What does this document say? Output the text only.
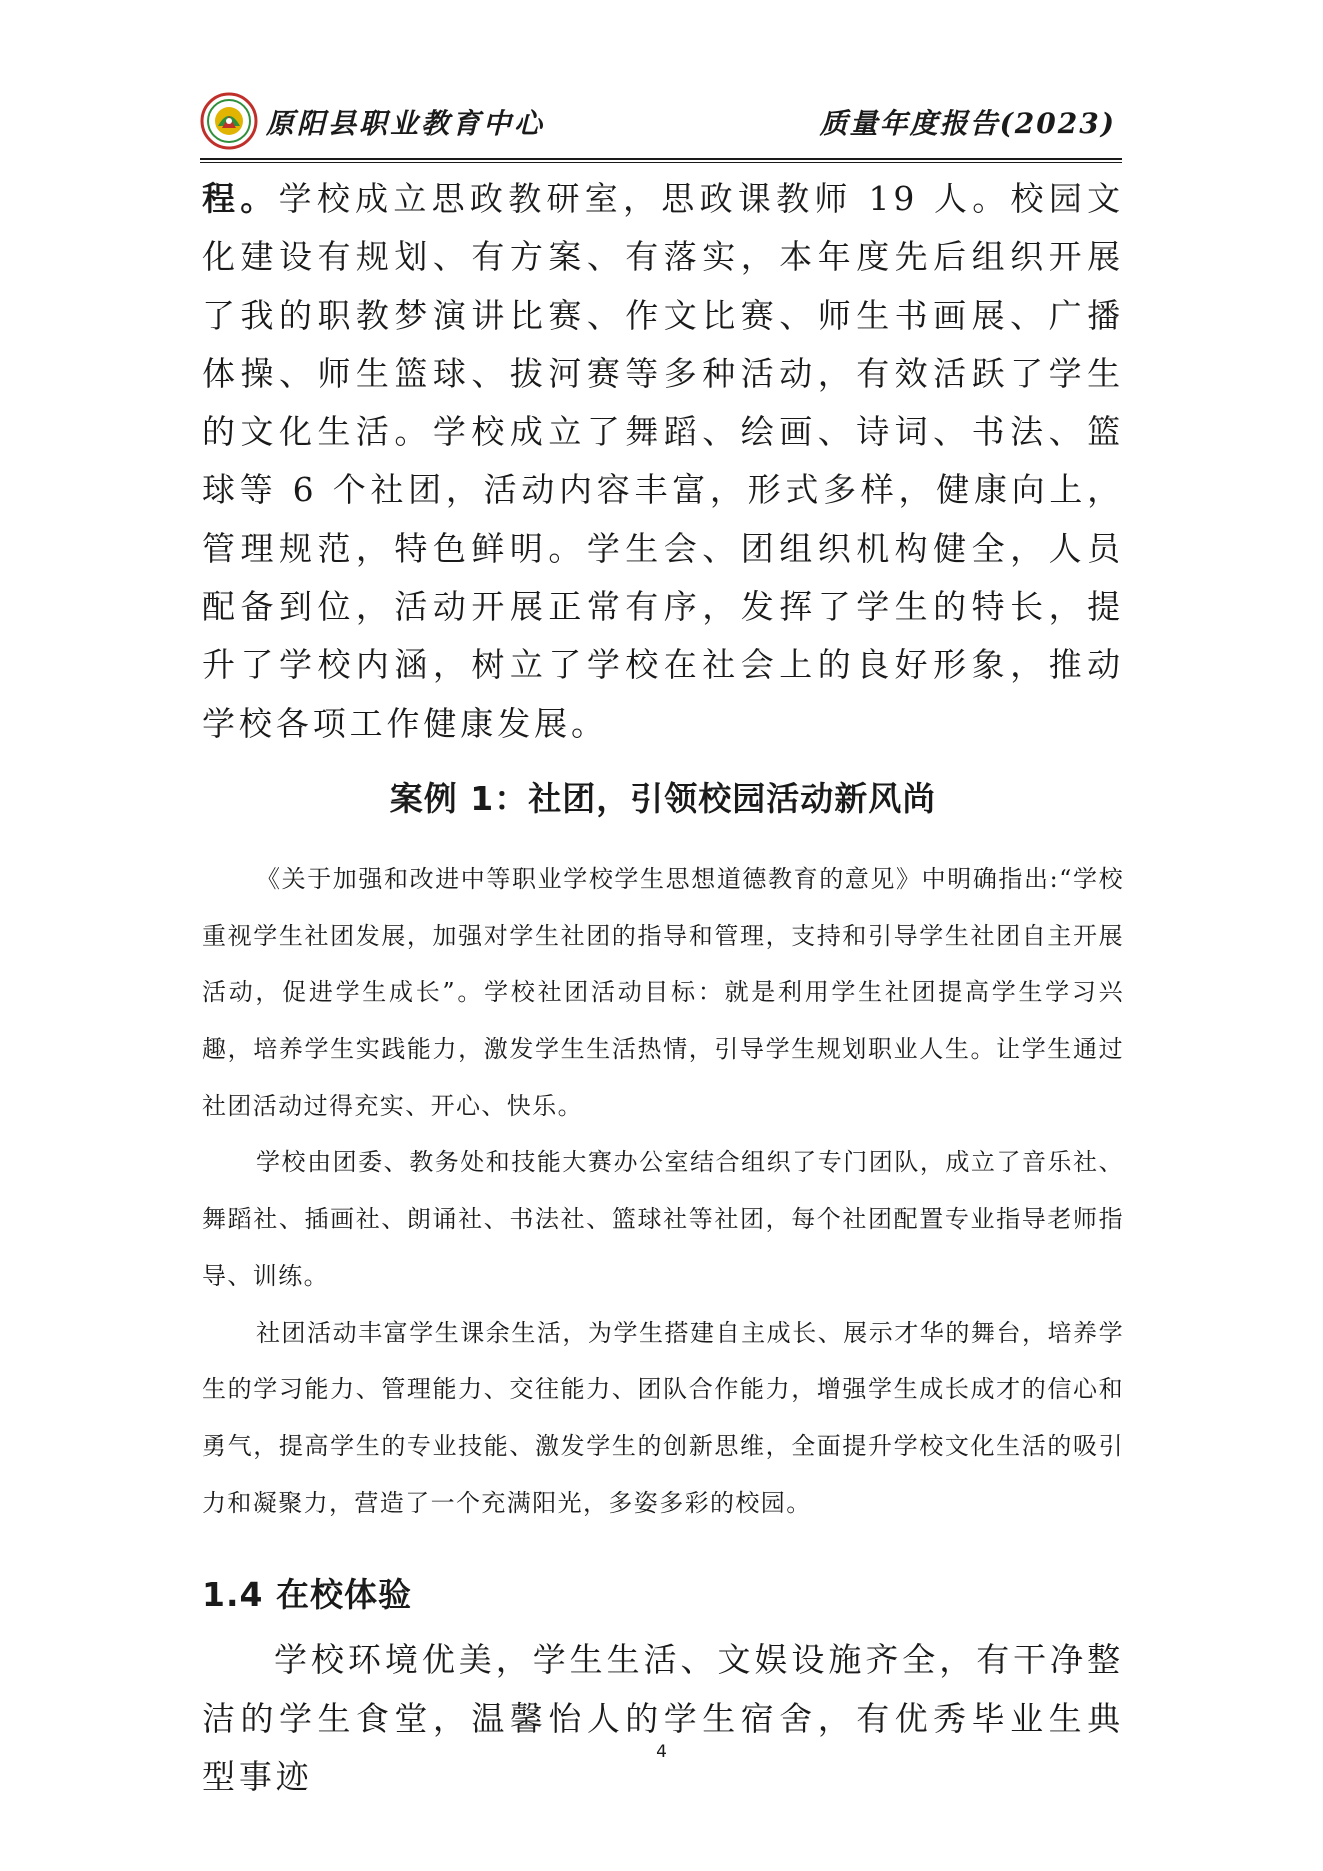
原阳县职业教育中心	质量年度报告(2023)

程。学校成立思政教研室，思政课教师 19 人。校园文化建设有规划、有方案、有落实，本年度先后组织开展了我的职教梦演讲比赛、作文比赛、师生书画展、广播体操、师生篮球、拔河赛等多种活动，有效活跃了学生的文化生活。学校成立了舞蹈、绘画、诗词、书法、篮球等 6 个社团，活动内容丰富，形式多样，健康向上，管理规范，特色鲜明。学生会、团组织机构健全，人员配备到位，活动开展正常有序，发挥了学生的特长，提升了学校内涵，树立了学校在社会上的良好形象，推动学校各项工作健康发展。

案例 1：社团，引领校园活动新风尚

《关于加强和改进中等职业学校学生思想道德教育的意见》中明确指出:“学校重视学生社团发展，加强对学生社团的指导和管理，支持和引导学生社团自主开展活动，促进学生成长”。学校社团活动目标：就是利用学生社团提高学生学习兴趣，培养学生实践能力，激发学生生活热情，引导学生规划职业人生。让学生通过社团活动过得充实、开心、快乐。

学校由团委、教务处和技能大赛办公室结合组织了专门团队，成立了音乐社、舞蹈社、插画社、朗诵社、书法社、篮球社等社团，每个社团配置专业指导老师指导、训练。

社团活动丰富学生课余生活，为学生搭建自主成长、展示才华的舞台，培养学生的学习能力、管理能力、交往能力、团队合作能力，增强学生成长成才的信心和勇气，提高学生的专业技能、激发学生的创新思维，全面提升学校文化生活的吸引力和凝聚力，营造了一个充满阳光，多姿多彩的校园。

1.4 在校体验

学校环境优美，学生生活、文娱设施齐全，有干净整洁的学生食堂，温馨怡人的学生宿舍，有优秀毕业生典型事迹

4
